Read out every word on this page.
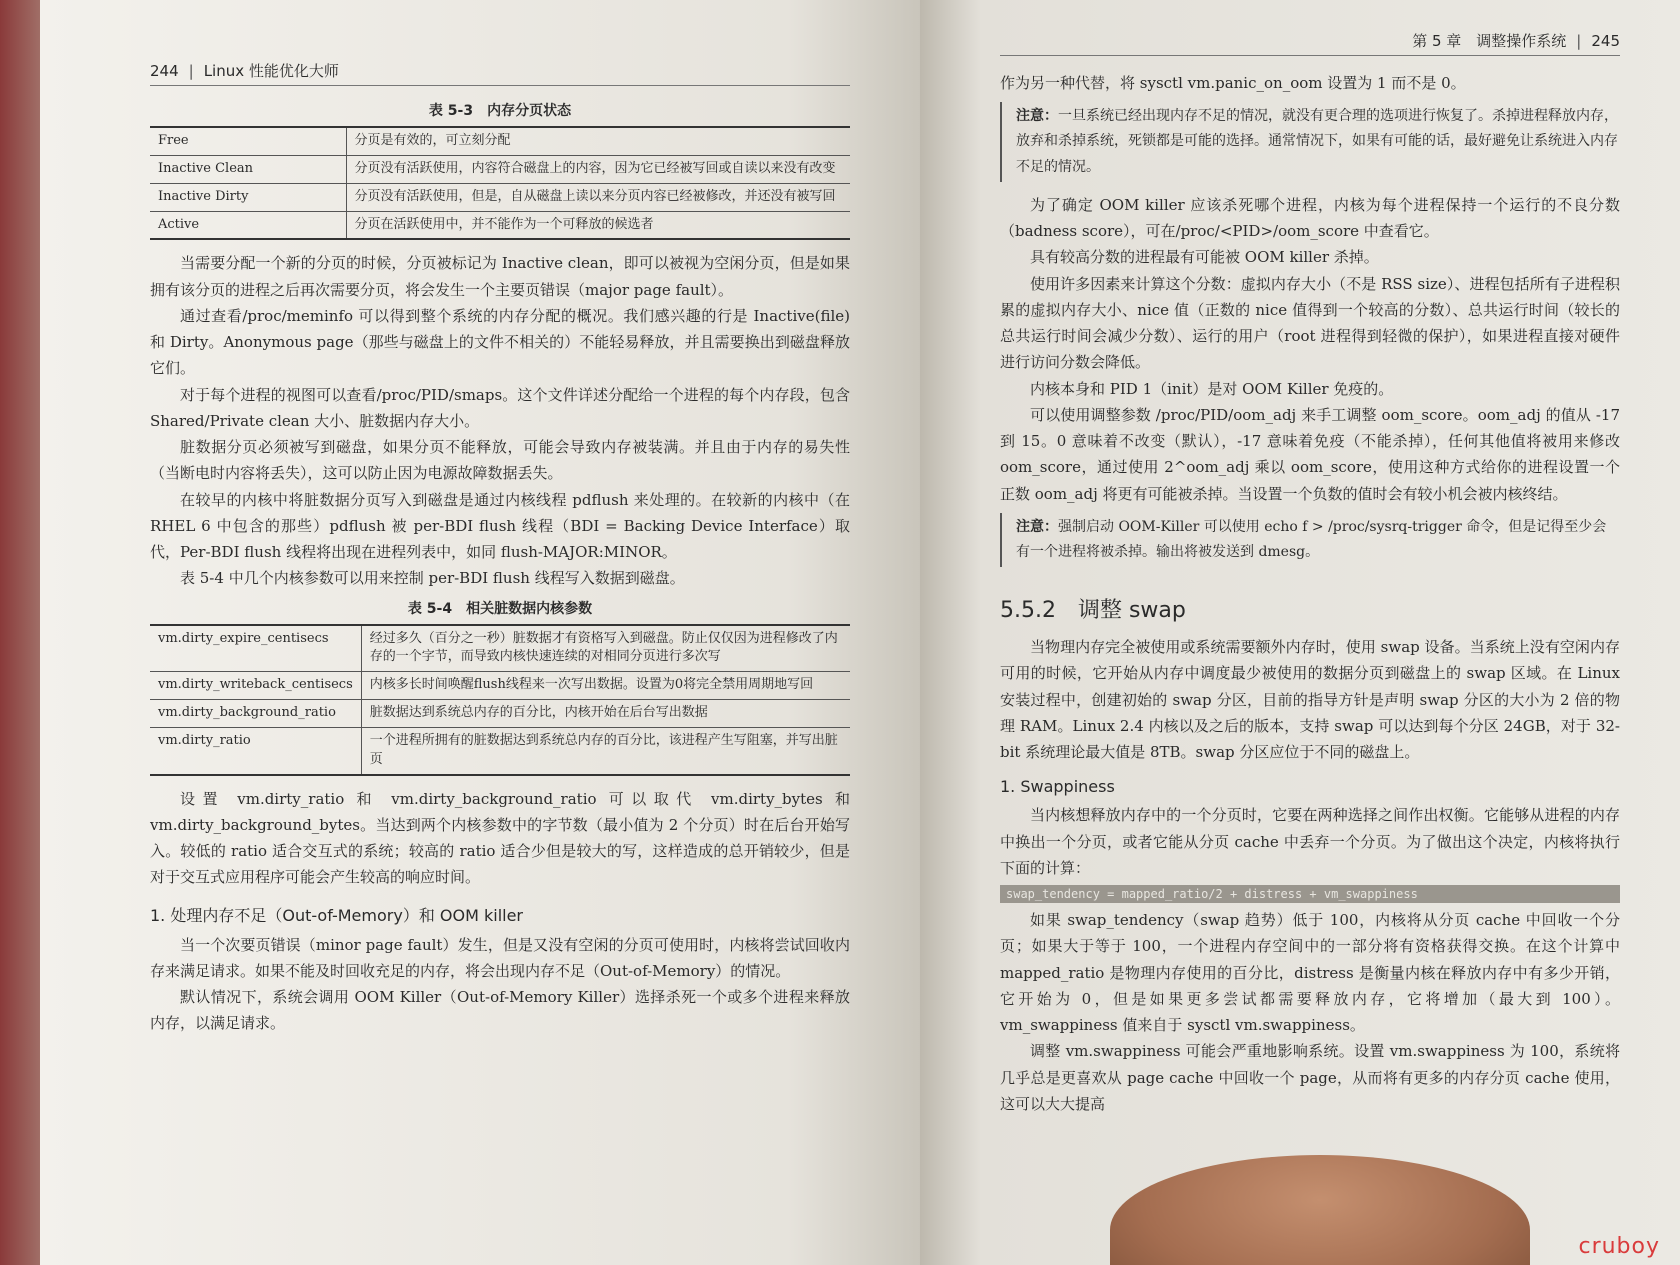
244 | Linux 性能优化大师
表 5-3　内存分页状态
Free	分页是有效的，可立刻分配
Inactive Clean	分页没有活跃使用，内容符合磁盘上的内容，因为它已经被写回或自读以来没有改变
Inactive Dirty	分页没有活跃使用，但是，自从磁盘上读以来分页内容已经被修改，并还没有被写回
Active	分页在活跃使用中，并不能作为一个可释放的候选者

当需要分配一个新的分页的时候，分页被标记为 Inactive clean，即可以被视为空闲分页，但是如果拥有该分页的进程之后再次需要分页，将会发生一个主要页错误（major page fault）。

通过查看/proc/meminfo 可以得到整个系统的内存分配的概况。我们感兴趣的行是 Inactive(file) 和 Dirty。Anonymous page（那些与磁盘上的文件不相关的）不能轻易释放，并且需要换出到磁盘释放它们。

对于每个进程的视图可以查看/proc/PID/smaps。这个文件详述分配给一个进程的每个内存段，包含 Shared/Private clean 大小、脏数据内存大小。

脏数据分页必须被写到磁盘，如果分页不能释放，可能会导致内存被装满。并且由于内存的易失性（当断电时内容将丢失），这可以防止因为电源故障数据丢失。

在较早的内核中将脏数据分页写入到磁盘是通过内核线程 pdflush 来处理的。在较新的内核中（在 RHEL 6 中包含的那些）pdflush 被 per-BDI flush 线程（BDI = Backing Device Interface）取代，Per-BDI flush 线程将出现在进程列表中，如同 flush-MAJOR:MINOR。

表 5-4 中几个内核参数可以用来控制 per-BDI flush 线程写入数据到磁盘。

表 5-4　相关脏数据内核参数
vm.dirty_expire_centisecs	经过多久（百分之一秒）脏数据才有资格写入到磁盘。防止仅仅因为进程修改了内存的一个字节，而导致内核快速连续的对相同分页进行多次写
vm.dirty_writeback_centisecs	内核多长时间唤醒flush线程来一次写出数据。设置为0将完全禁用周期地写回
vm.dirty_background_ratio	脏数据达到系统总内存的百分比，内核开始在后台写出数据
vm.dirty_ratio	一个进程所拥有的脏数据达到系统总内存的百分比，该进程产生写阻塞，并写出脏页

设置 vm.dirty_ratio 和 vm.dirty_background_ratio 可以取代 vm.dirty_bytes 和 vm.dirty_background_bytes。当达到两个内核参数中的字节数（最小值为 2 个分页）时在后台开始写入。较低的 ratio 适合交互式的系统；较高的 ratio 适合少但是较大的写，这样造成的总开销较少，但是对于交互式应用程序可能会产生较高的响应时间。

1. 处理内存不足（Out-of-Memory）和 OOM killer

当一个次要页错误（minor page fault）发生，但是又没有空闲的分页可使用时，内核将尝试回收内存来满足请求。如果不能及时回收充足的内存，将会出现内存不足（Out-of-Memory）的情况。

默认情况下，系统会调用 OOM Killer（Out-of-Memory Killer）选择杀死一个或多个进程来释放内存，以满足请求。

第 5 章　调整操作系统 | 245

作为另一种代替，将 sysctl vm.panic_on_oom 设置为 1 而不是 0。

注意：一旦系统已经出现内存不足的情况，就没有更合理的选项进行恢复了。杀掉进程释放内存，放弃和杀掉系统，死锁都是可能的选择。通常情况下，如果有可能的话，最好避免让系统进入内存不足的情况。

为了确定 OOM killer 应该杀死哪个进程，内核为每个进程保持一个运行的不良分数（badness score），可在/proc/<PID>/oom_score 中查看它。

具有较高分数的进程最有可能被 OOM killer 杀掉。

使用许多因素来计算这个分数：虚拟内存大小（不是 RSS size）、进程包括所有子进程积累的虚拟内存大小、nice 值（正数的 nice 值得到一个较高的分数）、总共运行时间（较长的总共运行时间会减少分数）、运行的用户（root 进程得到轻微的保护），如果进程直接对硬件进行访问分数会降低。

内核本身和 PID 1（init）是对 OOM Killer 免疫的。

可以使用调整参数 /proc/PID/oom_adj 来手工调整 oom_score。oom_adj 的值从 -17 到 15。0 意味着不改变（默认），-17 意味着免疫（不能杀掉），任何其他值将被用来修改 oom_score，通过使用 2^oom_adj 乘以 oom_score，使用这种方式给你的进程设置一个正数 oom_adj 将更有可能被杀掉。当设置一个负数的值时会有较小机会被内核终结。

注意：强制启动 OOM-Killer 可以使用 echo f > /proc/sysrq-trigger 命令，但是记得至少会有一个进程将被杀掉。输出将被发送到 dmesg。
5.5.2　调整 swap

当物理内存完全被使用或系统需要额外内存时，使用 swap 设备。当系统上没有空闲内存可用的时候，它开始从内存中调度最少被使用的数据分页到磁盘上的 swap 区域。在 Linux 安装过程中，创建初始的 swap 分区，目前的指导方针是声明 swap 分区的大小为 2 倍的物理 RAM。Linux 2.4 内核以及之后的版本，支持 swap 可以达到每个分区 24GB，对于 32-bit 系统理论最大值是 8TB。swap 分区应位于不同的磁盘上。

1. Swappiness

当内核想释放内存中的一个分页时，它要在两种选择之间作出权衡。它能够从进程的内存中换出一个分页，或者它能从分页 cache 中丢弃一个分页。为了做出这个决定，内核将执行下面的计算：

swap_tendency = mapped_ratio/2 + distress + vm_swappiness

如果 swap_tendency（swap 趋势）低于 100，内核将从分页 cache 中回收一个分页；如果大于等于 100，一个进程内存空间中的一部分将有资格获得交换。在这个计算中 mapped_ratio 是物理内存使用的百分比，distress 是衡量内核在释放内存中有多少开销，它开始为 0，但是如果更多尝试都需要释放内存，它将增加（最大到 100）。vm_swappiness 值来自于 sysctl vm.swappiness。

调整 vm.swappiness 可能会严重地影响系统。设置 vm.swappiness 为 100，系统将几乎总是更喜欢从 page cache 中回收一个 page，从而将有更多的内存分页 cache 使用，这可以大大提高

cruboy
